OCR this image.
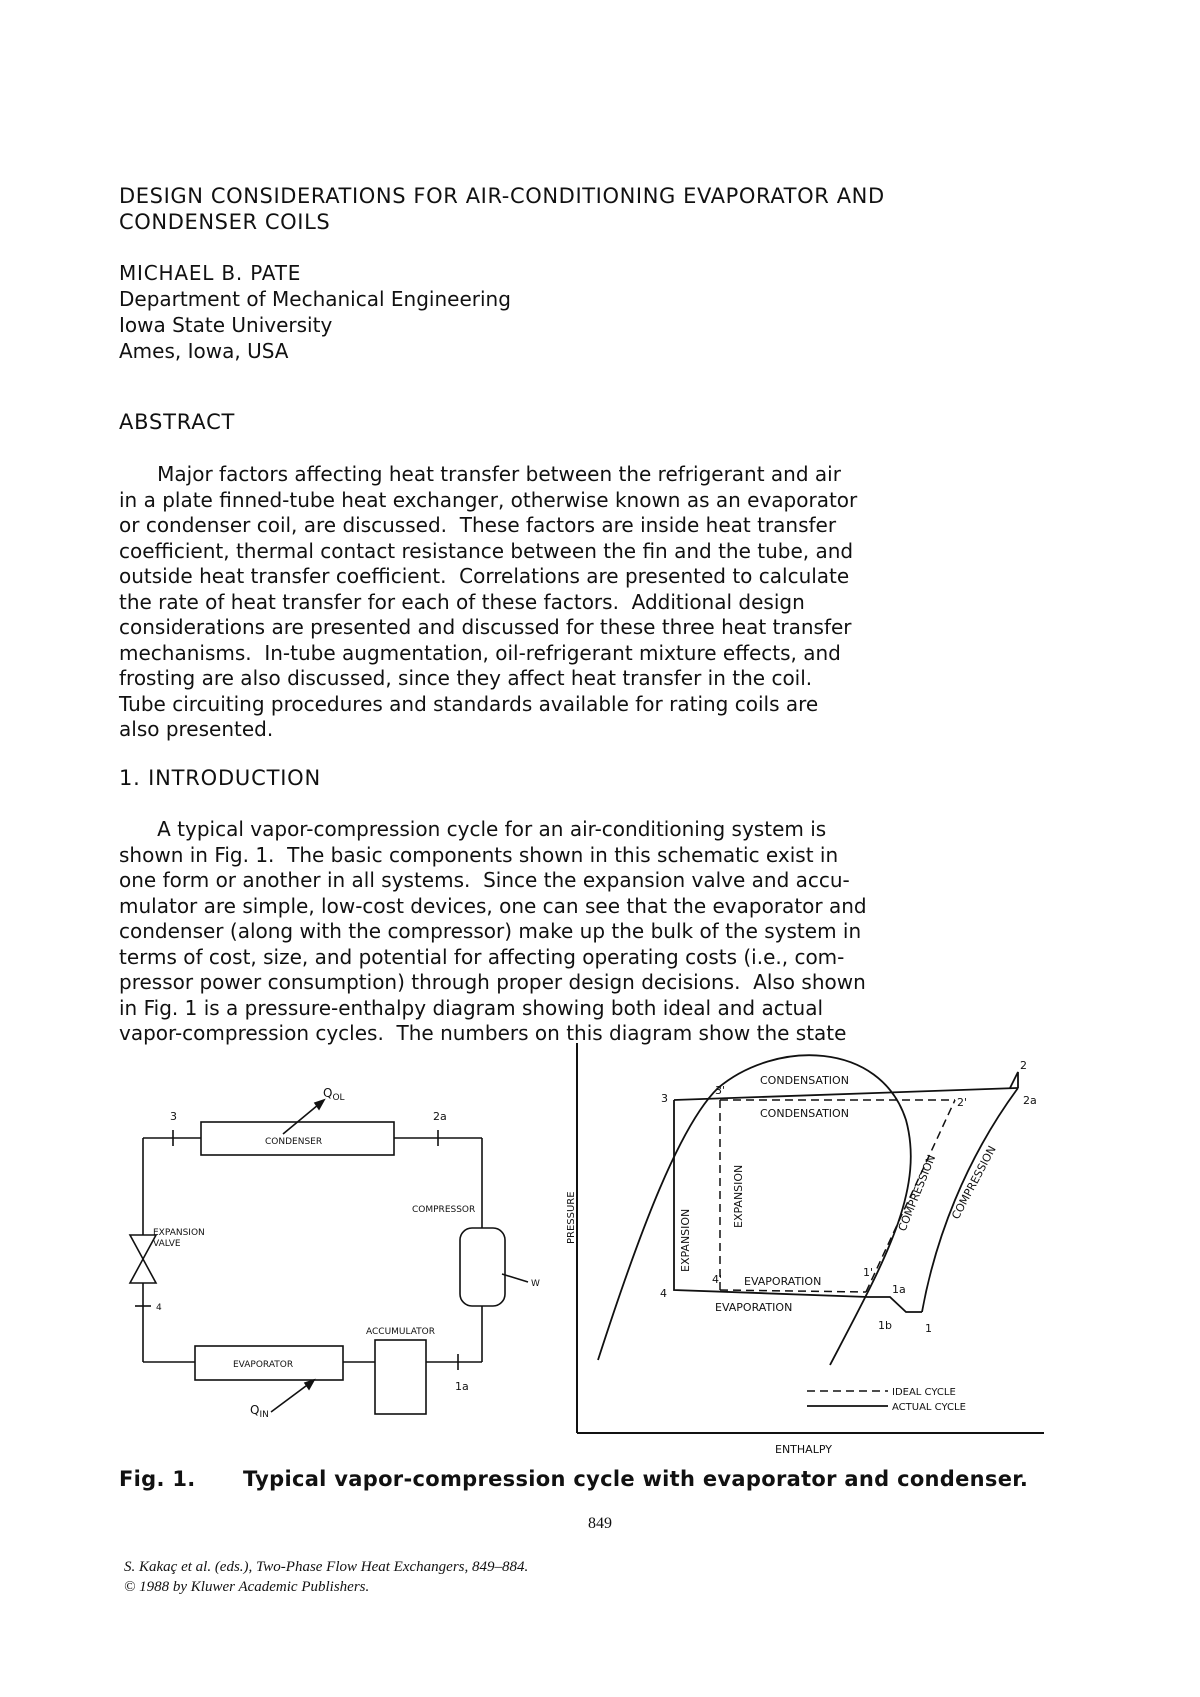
DESIGN CONSIDERATIONS FOR AIR-CONDITIONING EVAPORATOR AND
CONDENSER COILS
MICHAEL B. PATE
Department of Mechanical Engineering
Iowa State University
Ames, Iowa, USA
ABSTRACT
Major factors affecting heat transfer between the refrigerant and air
in a plate finned-tube heat exchanger, otherwise known as an evaporator
or condenser coil, are discussed.  These factors are inside heat transfer
coefficient, thermal contact resistance between the fin and the tube, and
outside heat transfer coefficient.  Correlations are presented to calculate
the rate of heat transfer for each of these factors.  Additional design
considerations are presented and discussed for these three heat transfer
mechanisms.  In-tube augmentation, oil-refrigerant mixture effects, and
frosting are also discussed, since they affect heat transfer in the coil.
Tube circuiting procedures and standards available for rating coils are
also presented.
1. INTRODUCTION
A typical vapor-compression cycle for an air-conditioning system is
shown in Fig. 1.  The basic components shown in this schematic exist in
one form or another in all systems.  Since the expansion valve and accu-
mulator are simple, low-cost devices, one can see that the evaporator and
condenser (along with the compressor) make up the bulk of the system in
terms of cost, size, and potential for affecting operating costs (i.e., com-
pressor power consumption) through proper design decisions.  Also shown
in Fig. 1 is a pressure-enthalpy diagram showing both ideal and actual
vapor-compression cycles.  The numbers on this diagram show the state
$Q_{OL}$
$Q_{IN}$
CONDENSER
COMPRESSOR
ACCUMULATOR
EVAPORATOR
EXPANSION
VALVE
3	2a
4
1a
W
PRESSURE
ENTHALPY
CONDENSATION
CONDENSATION
EVAPORATION
EVAPORATION
EXPANSION
EXPANSION	COMPRESSION COMPRESSION
3
3'
2
2'	2a
4
4'
1'
1a
1b	1
IDEAL CYCLE
ACTUAL CYCLE
Fig. 1. Typical vapor-compression cycle with evaporator and condenser.
849
S. Kakaç et al. (eds.), Two-Phase Flow Heat Exchangers, 849–884.
© 1988 by Kluwer Academic Publishers.
